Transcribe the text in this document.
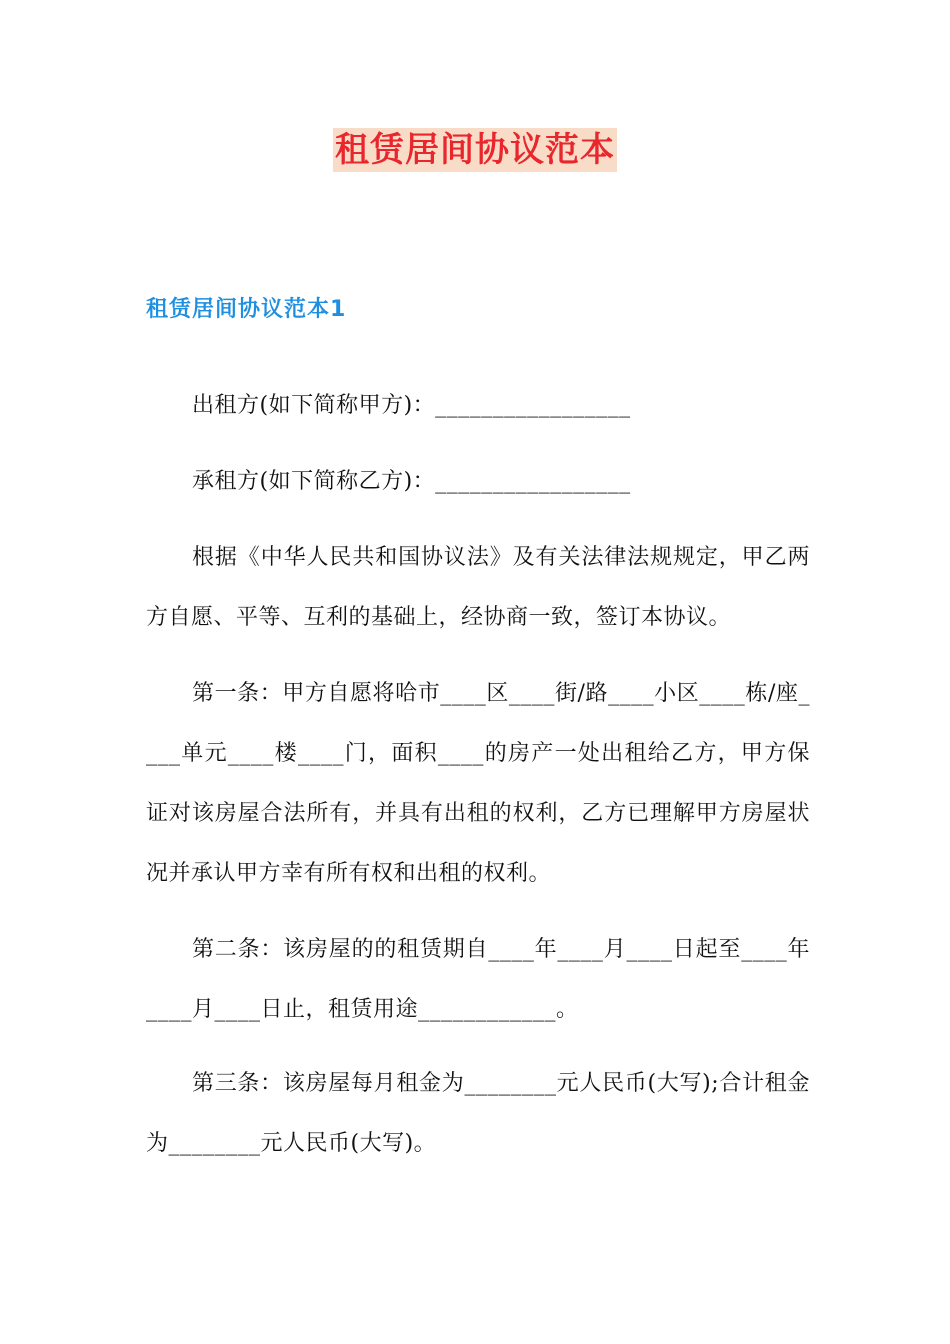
租赁居间协议范本
租赁居间协议范本1

出租方(如下简称甲方)：_________________

承租方(如下简称乙方)：_________________

根据《中华人民共和国协议法》及有关法律法规规定，甲乙两方自愿、平等、互利的基础上，经协商一致，签订本协议。

第一条：甲方自愿将哈市____区____街/路____小区____栋/座____单元____楼____门，面积____的房产一处出租给乙方，甲方保证对该房屋合法所有，并具有出租的权利，乙方已理解甲方房屋状况并承认甲方幸有所有权和出租的权利。

第二条：该房屋的的租赁期自____年____月____日起至____年____月____日止，租赁用途____________。

第三条：该房屋每月租金为________元人民币(大写);合计租金为________元人民币(大写)。
